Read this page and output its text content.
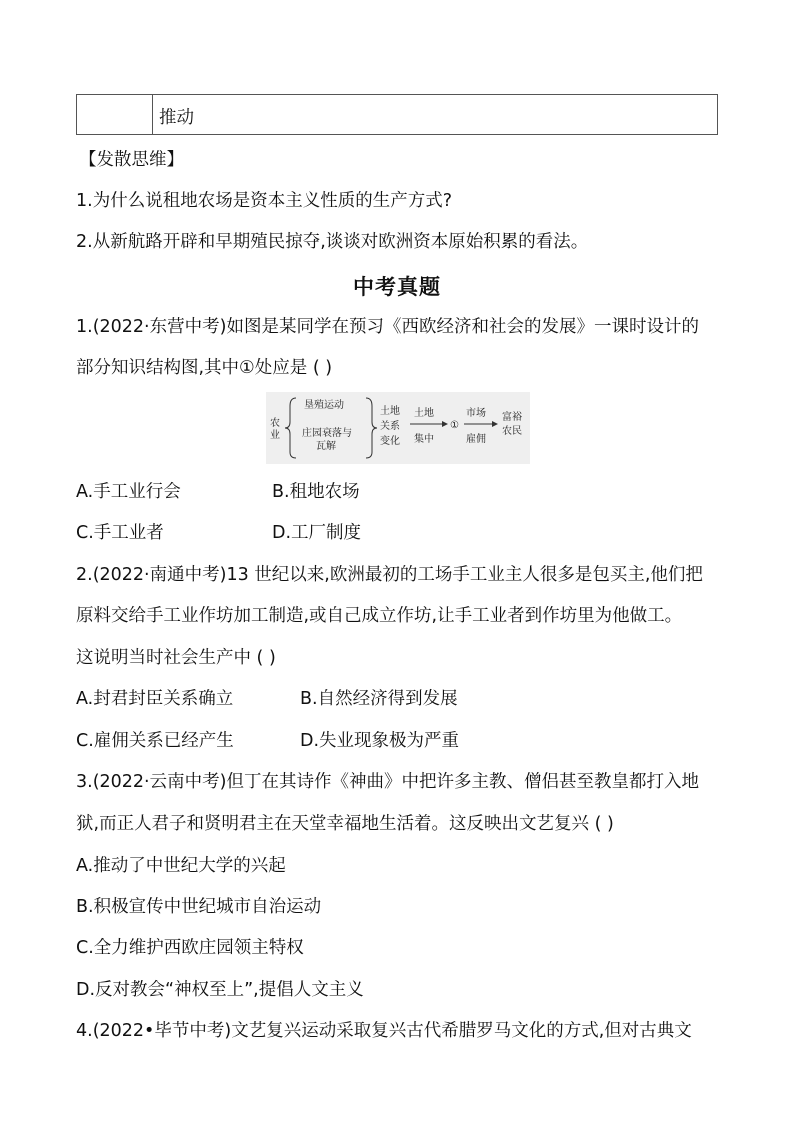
推动
【发散思维】
1.为什么说租地农场是资本主义性质的生产方式?
2.从新航路开辟和早期殖民掠夺,谈谈对欧洲资本原始积累的看法。
中考真题
1.(2022·东营中考)如图是某同学在预习《西欧经济和社会的发展》一课时设计的
部分知识结构图,其中①处应是 ( )
农
业
垦殖运动
庄园衰落与
瓦解
土地
关系
变化
土地
集中
①
市场
雇佣
富裕
农民
A.手工业行会	B.租地农场
C.手工业者	D.工厂制度
2.(2022·南通中考)13 世纪以来,欧洲最初的工场手工业主人很多是包买主,他们把
原料交给手工业作坊加工制造,或自己成立作坊,让手工业者到作坊里为他做工。
这说明当时社会生产中 ( )
A.封君封臣关系确立	B.自然经济得到发展
C.雇佣关系已经产生	D.失业现象极为严重
3.(2022·云南中考)但丁在其诗作《神曲》中把许多主教、僧侣甚至教皇都打入地
狱,而正人君子和贤明君主在天堂幸福地生活着。这反映出文艺复兴 ( )
A.推动了中世纪大学的兴起
B.积极宣传中世纪城市自治运动
C.全力维护西欧庄园领主特权
D.反对教会“神权至上”,提倡人文主义
4.(2022•毕节中考)文艺复兴运动采取复兴古代希腊罗马文化的方式,但对古典文
